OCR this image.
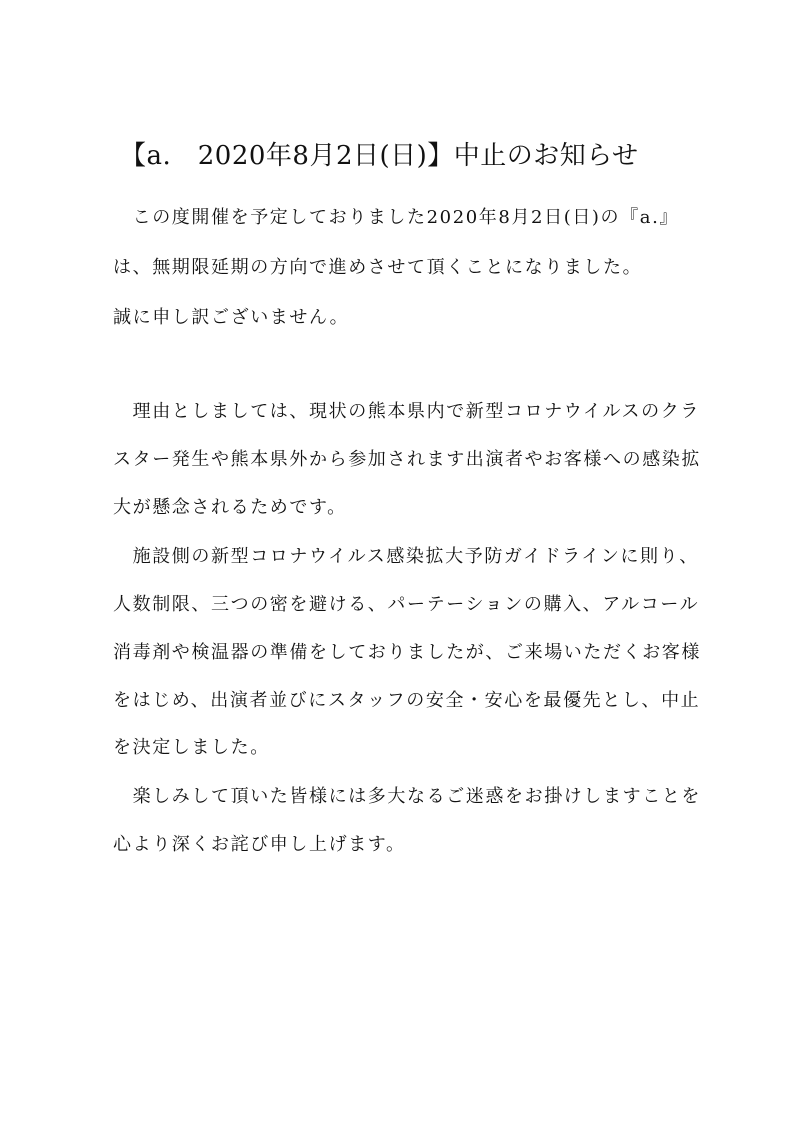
【a.　2020年8月2日(日)】中止のお知らせ
　この度開催を予定しておりました2020年8月2日(日)の『a.』
は、無期限延期の方向で進めさせて頂くことになりました。
誠に申し訳ございません。
　理由としましては、現状の熊本県内で新型コロナウイルスのクラ
スター発生や熊本県外から参加されます出演者やお客様への感染拡
大が懸念されるためです。
　施設側の新型コロナウイルス感染拡大予防ガイドラインに則り、
人数制限、三つの密を避ける、パーテーションの購入、アルコール
消毒剤や検温器の準備をしておりましたが、ご来場いただくお客様
をはじめ、出演者並びにスタッフの安全・安心を最優先とし、中止
を決定しました。
　楽しみして頂いた皆様には多大なるご迷惑をお掛けしますことを
心より深くお詫び申し上げます。
